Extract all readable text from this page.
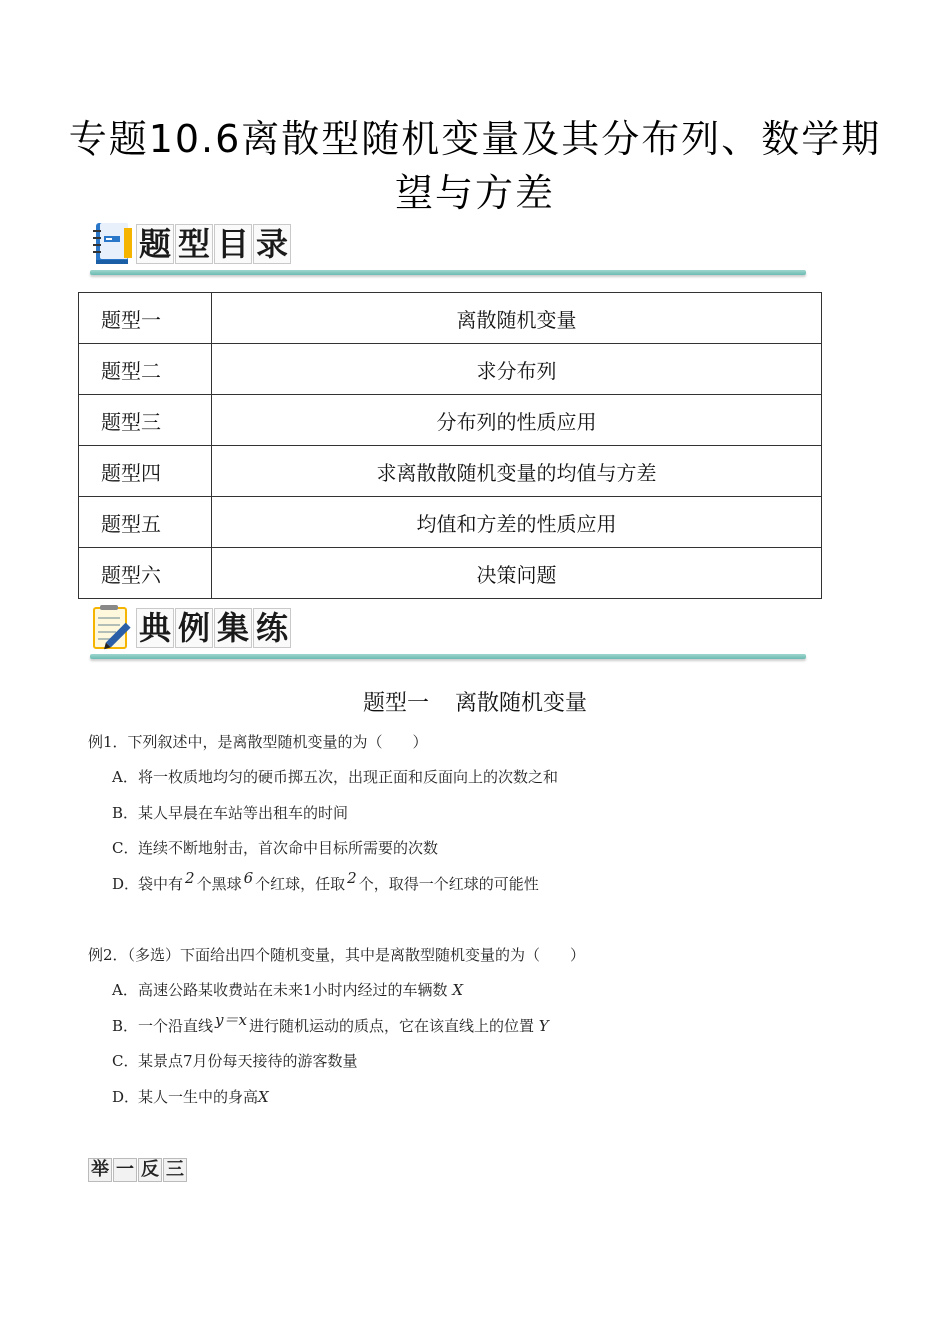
专题10.6离散型随机变量及其分布列、数学期望与方差
题 型 目 录
题型一	离散随机变量
题型二	求分布列
题型三	分布列的性质应用
题型四	求离散散随机变量的均值与方差
题型五	均值和方差的性质应用
题型六	决策问题
典 例 集 练
题型一 离散随机变量
例1．下列叙述中，是离散型随机变量的为（　　）
A．将一枚质地均匀的硬币掷五次，出现正面和反面向上的次数之和
B．某人早晨在车站等出租车的时间
C．连续不断地射击，首次命中目标所需要的次数
D．袋中有 2 个黑球 6 个红球，任取 2 个，取得一个红球的可能性
例2．（多选）下面给出四个随机变量，其中是离散型随机变量的为（　　）
A．高速公路某收费站在未来1小时内经过的车辆数 X
B．一个沿直线 y＝x 进行随机运动的质点，它在该直线上的位置 Y
C．某景点7月份每天接待的游客数量
D．某人一生中的身高X
举 一 反 三
